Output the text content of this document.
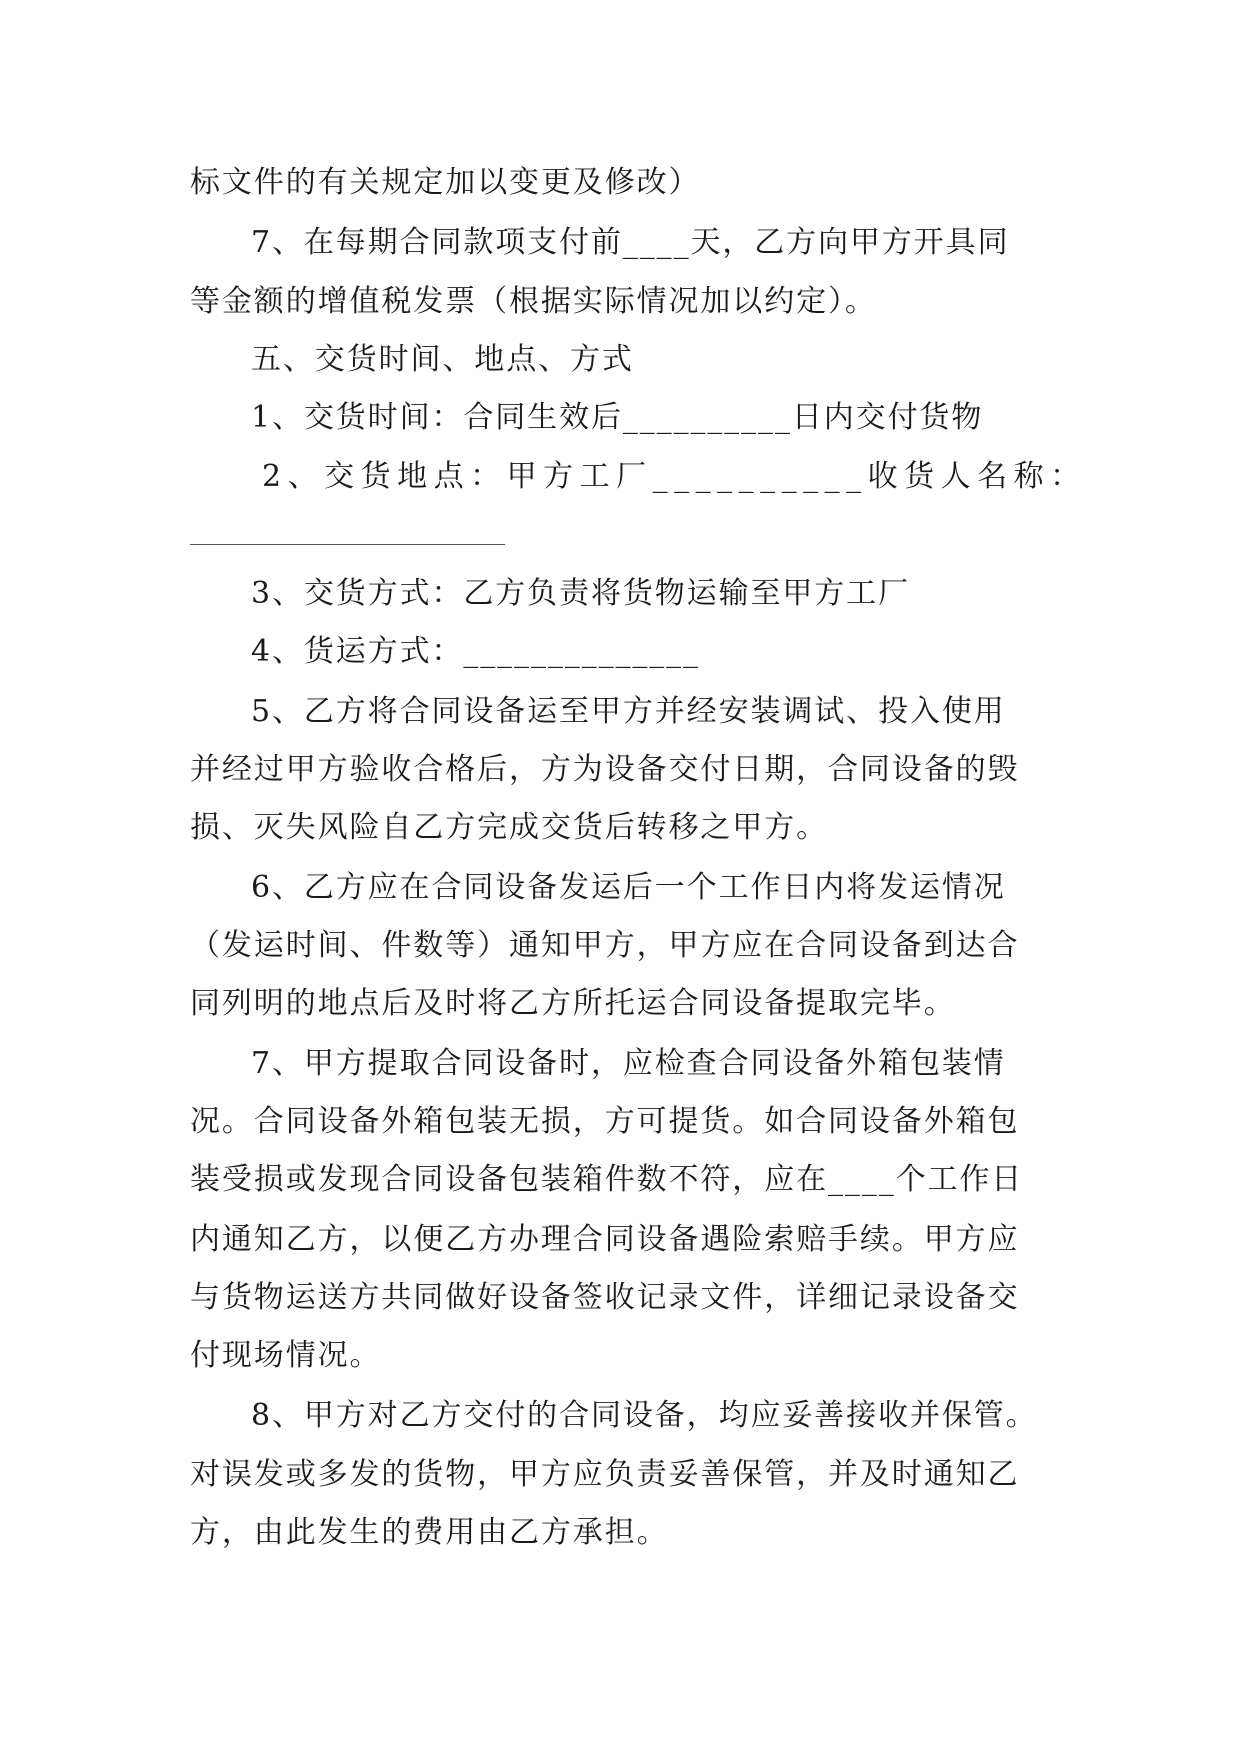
标文件的有关规定加以变更及修改）
7、在每期合同款项支付前____天，乙方向甲方开具同
等金额的增值税发票（根据实际情况加以约定）。
五、交货时间、地点、方式
1、交货时间：合同生效后__________日内交付货物
2、交货地点：甲方工厂__________收货人名称：
3、交货方式：乙方负责将货物运输至甲方工厂
4、货运方式：______________
5、乙方将合同设备运至甲方并经安装调试、投入使用
并经过甲方验收合格后，方为设备交付日期，合同设备的毁
损、灭失风险自乙方完成交货后转移之甲方。
6、乙方应在合同设备发运后一个工作日内将发运情况
（发运时间、件数等）通知甲方，甲方应在合同设备到达合
同列明的地点后及时将乙方所托运合同设备提取完毕。
7、甲方提取合同设备时，应检查合同设备外箱包装情
况。合同设备外箱包装无损，方可提货。如合同设备外箱包
装受损或发现合同设备包装箱件数不符，应在____个工作日
内通知乙方，以便乙方办理合同设备遇险索赔手续。甲方应
与货物运送方共同做好设备签收记录文件，详细记录设备交
付现场情况。
8、甲方对乙方交付的合同设备，均应妥善接收并保管。
对误发或多发的货物，甲方应负责妥善保管，并及时通知乙
方，由此发生的费用由乙方承担。
